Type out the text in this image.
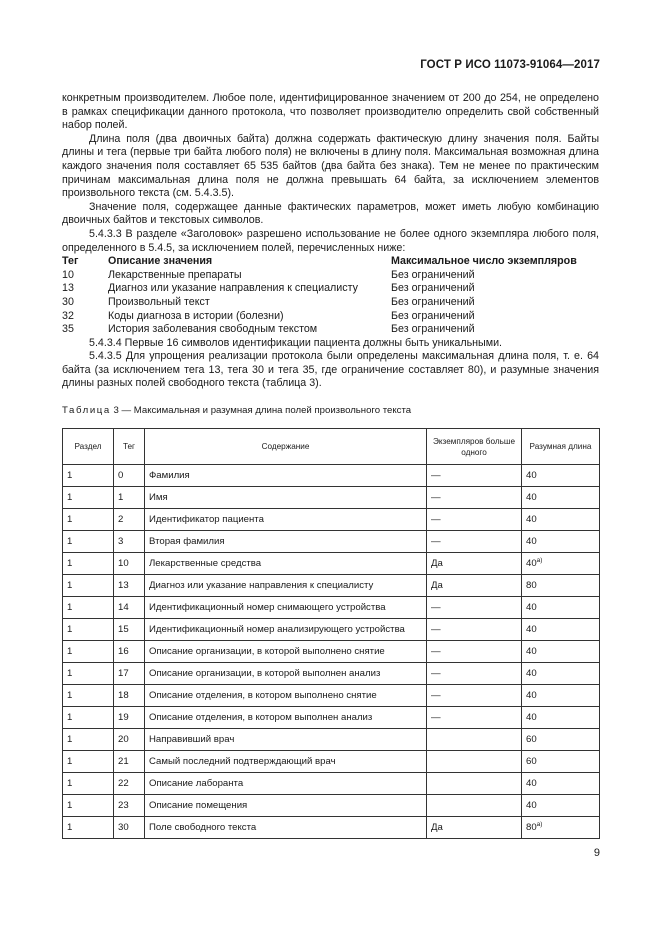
ГОСТ Р ИСО 11073-91064—2017

конкретным производителем. Любое поле, идентифицированное значением от 200 до 254, не определено в рамках спецификации данного протокола, что позволяет производителю определить свой собственный набор полей.

Длина поля (два двоичных байта) должна содержать фактическую длину значения поля. Байты длины и тега (первые три байта любого поля) не включены в длину поля. Максимальная возможная длина каждого значения поля составляет 65 535 байтов (два байта без знака). Тем не менее по практическим причинам максимальная длина поля не должна превышать 64 байта, за исключением элементов произвольного текста (см. 5.4.3.5).

Значение поля, содержащее данные фактических параметров, может иметь любую комбинацию двоичных байтов и текстовых символов.

5.4.3.3 В разделе «Заголовок» разрешено использование не более одного экземпляра любого поля, определенного в 5.4.5, за исключением полей, перечисленных ниже:

Тег	Описание значения	Максимальное число экземпляров
10	Лекарственные препараты	Без ограничений
13	Диагноз или указание направления к специалисту	Без ограничений
30	Произвольный текст	Без ограничений
32	Коды диагноза в истории (болезни)	Без ограничений
35	История заболевания свободным текстом	Без ограничений

5.4.3.4 Первые 16 символов идентификации пациента должны быть уникальными.

5.4.3.5 Для упрощения реализации протокола были определены максимальная длина поля, т. е. 64 байта (за исключением тега 13, тега 30 и тега 35, где ограничение составляет 80), и разумные значения длины разных полей свободного текста (таблица 3).

Таблица 3 — Максимальная и разумная длина полей произвольного текста
Раздел	Тег	Содержание	Экземпляров больше одного	Разумная длина
1	0	Фамилия	—	40
1	1	Имя	—	40
1	2	Идентификатор пациента	—	40
1	3	Вторая фамилия	—	40
1	10	Лекарственные средства	Да	$40^{а)}$
1	13	Диагноз или указание направления к специалисту	Да	80
1	14	Идентификационный номер снимающего устройства	—	40
1	15	Идентификационный номер анализирующего устройства	—	40
1	16	Описание организации, в которой выполнено снятие	—	40
1	17	Описание организации, в которой выполнен анализ	—	40
1	18	Описание отделения, в котором выполнено снятие	—	40
1	19	Описание отделения, в котором выполнен анализ	—	40
1	20	Направивший врач		60
1	21	Самый последний подтверждающий врач		60
1	22	Описание лаборанта		40
1	23	Описание помещения		40
1	30	Поле свободного текста	Да	$80^{а)}$
9
